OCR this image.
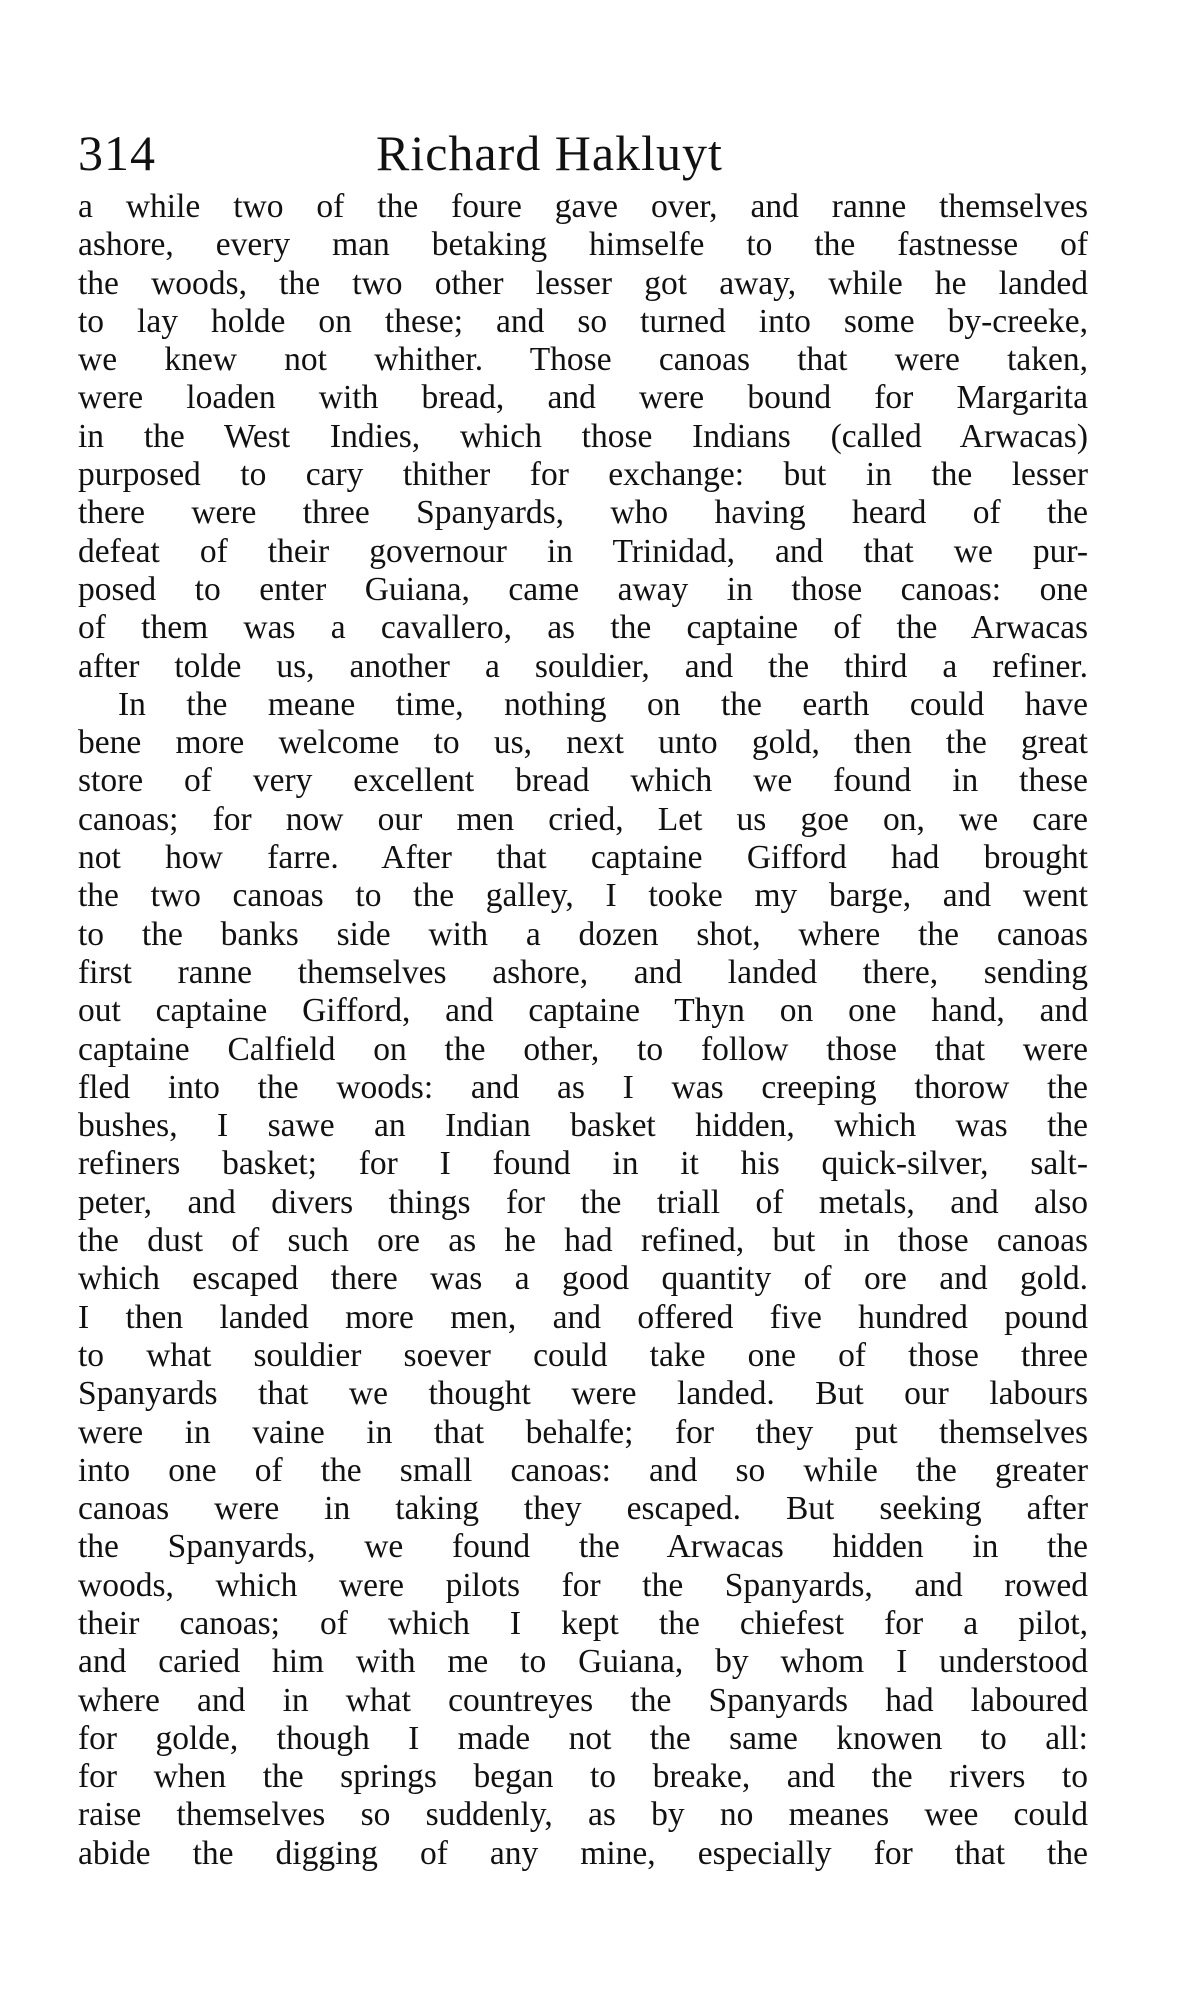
314	Richard Hakluyt
a while two of the foure gave over, and ranne themselves
ashore, every man betaking himselfe to the fastnesse of
the woods, the two other lesser got away, while he landed
to lay holde on these; and so turned into some by-creeke,
we knew not whither. Those canoas that were taken,
were loaden with bread, and were bound for Margarita
in the West Indies, which those Indians (called Arwacas)
purposed to cary thither for exchange: but in the lesser
there were three Spanyards, who having heard of the
defeat of their governour in Trinidad, and that we pur-
posed to enter Guiana, came away in those canoas: one
of them was a cavallero, as the captaine of the Arwacas
after tolde us, another a souldier, and the third a refiner.
In the meane time, nothing on the earth could have
bene more welcome to us, next unto gold, then the great
store of very excellent bread which we found in these
canoas; for now our men cried, Let us goe on, we care
not how farre. After that captaine Gifford had brought
the two canoas to the galley, I tooke my barge, and went
to the banks side with a dozen shot, where the canoas
first ranne themselves ashore, and landed there, sending
out captaine Gifford, and captaine Thyn on one hand, and
captaine Calfield on the other, to follow those that were
fled into the woods: and as I was creeping thorow the
bushes, I sawe an Indian basket hidden, which was the
refiners basket; for I found in it his quick-silver, salt-
peter, and divers things for the triall of metals, and also
the dust of such ore as he had refined, but in those canoas
which escaped there was a good quantity of ore and gold.
I then landed more men, and offered five hundred pound
to what souldier soever could take one of those three
Spanyards that we thought were landed. But our labours
were in vaine in that behalfe; for they put themselves
into one of the small canoas: and so while the greater
canoas were in taking they escaped. But seeking after
the Spanyards, we found the Arwacas hidden in the
woods, which were pilots for the Spanyards, and rowed
their canoas; of which I kept the chiefest for a pilot,
and caried him with me to Guiana, by whom I understood
where and in what countreyes the Spanyards had laboured
for golde, though I made not the same knowen to all:
for when the springs began to breake, and the rivers to
raise themselves so suddenly, as by no meanes wee could
abide the digging of any mine, especially for that the
